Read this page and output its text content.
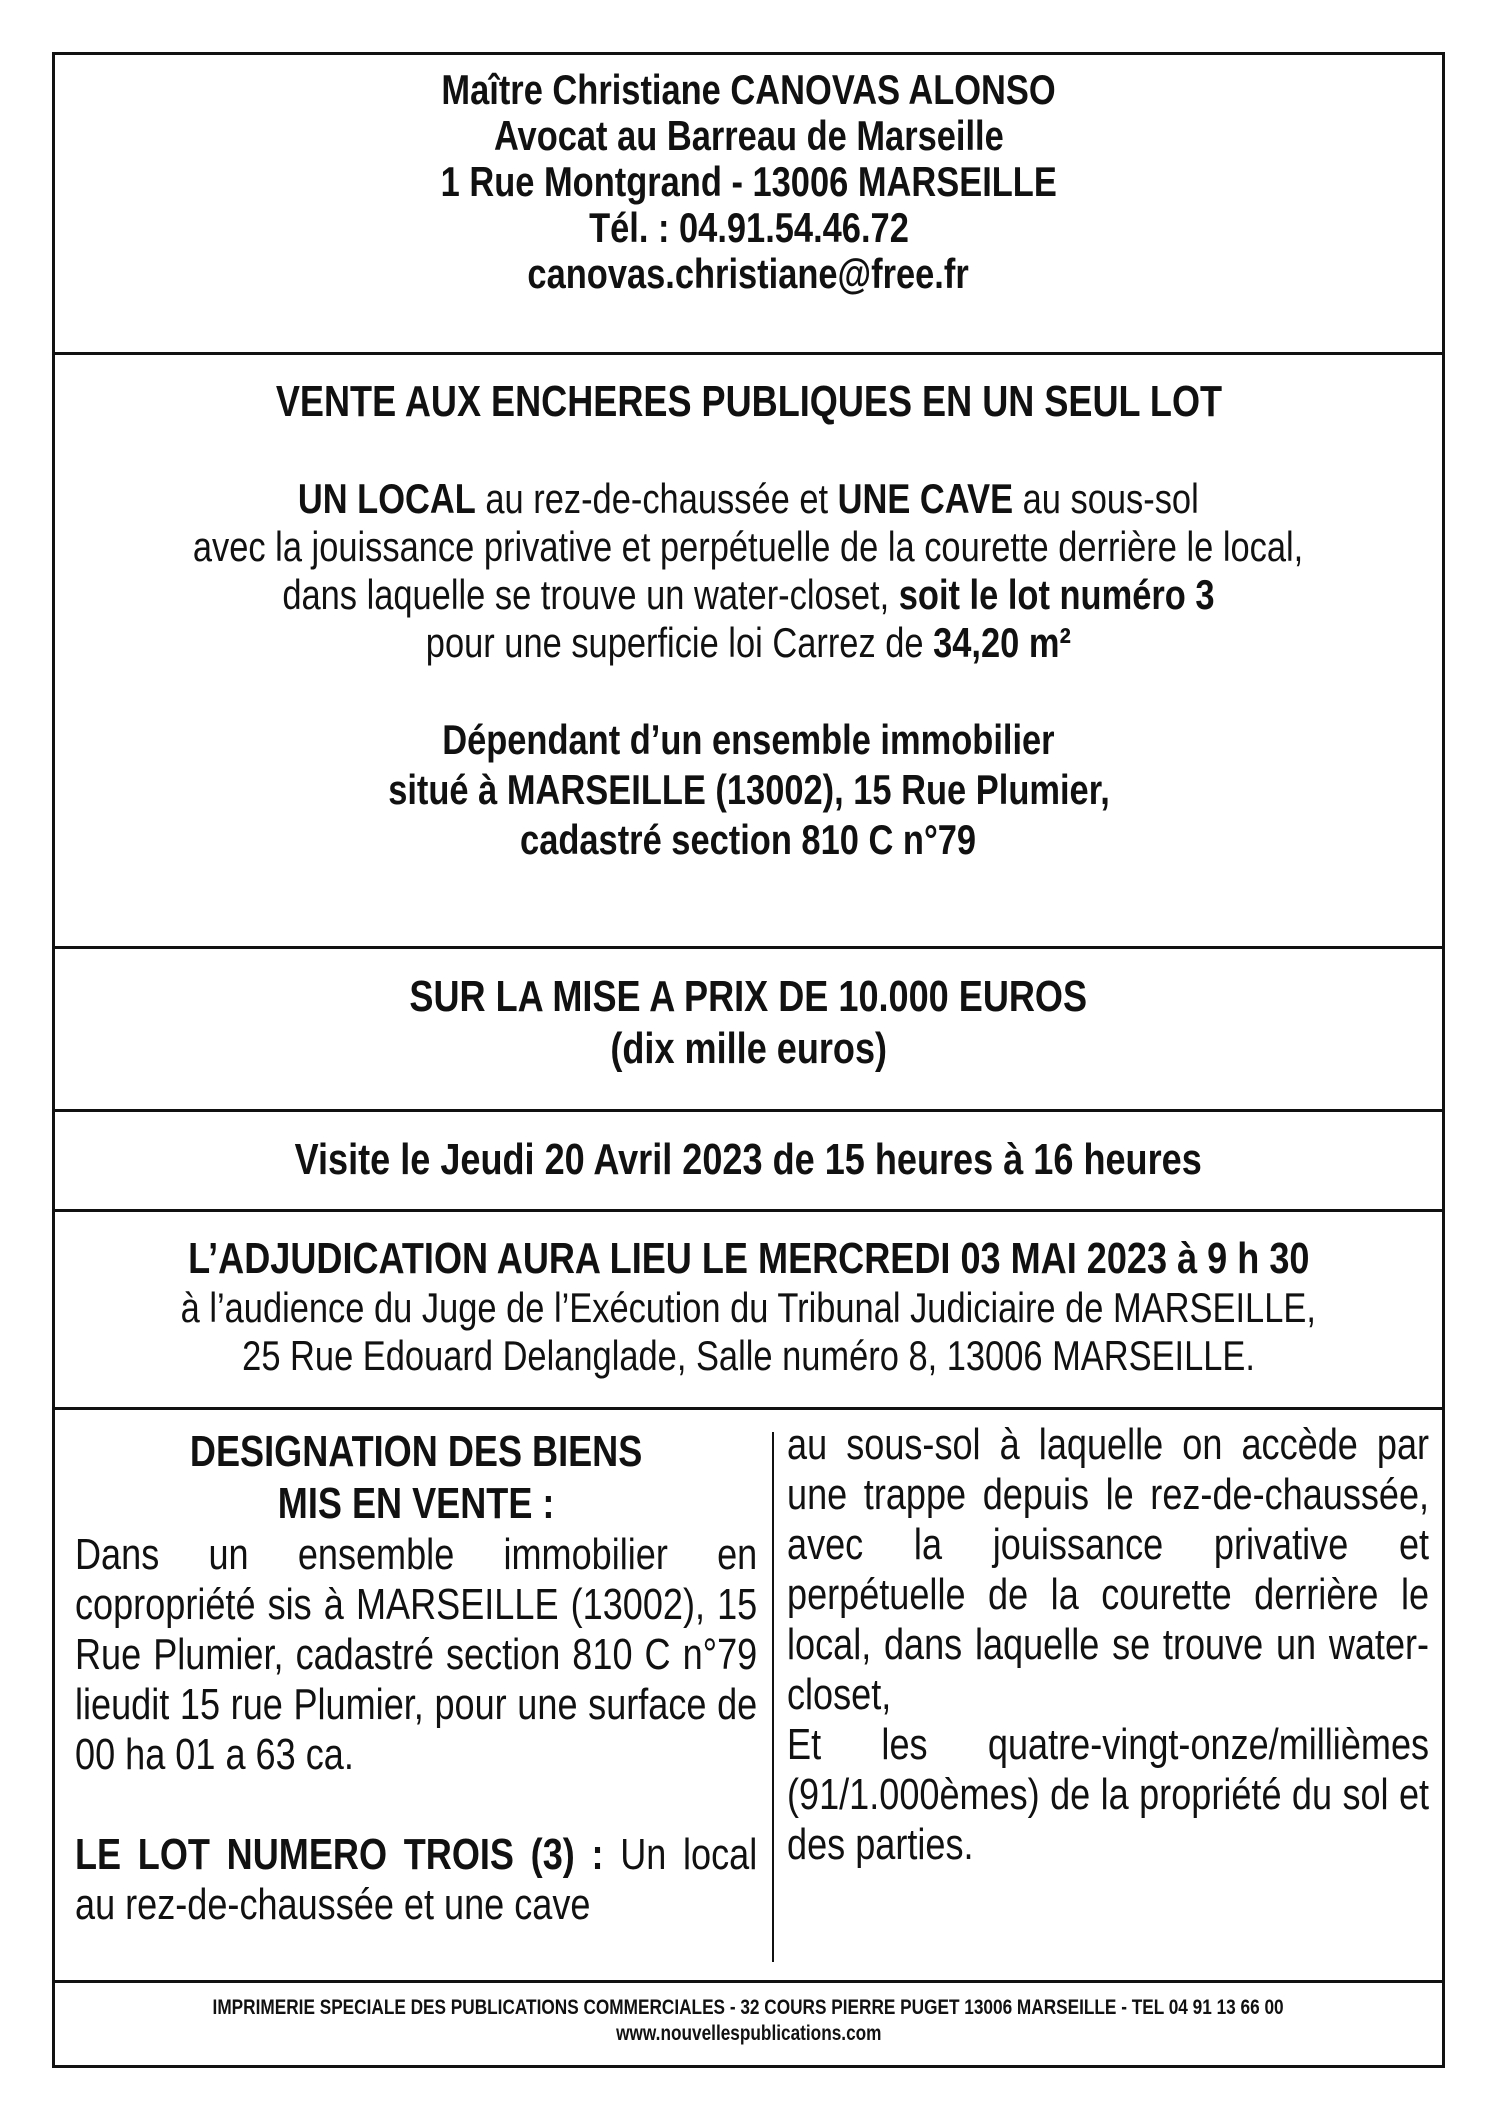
Maître Christiane CANOVAS ALONSO
Avocat au Barreau de Marseille
1 Rue Montgrand - 13006 MARSEILLE
Tél. : 04.91.54.46.72
canovas.christiane@free.fr
VENTE AUX ENCHERES PUBLIQUES EN UN SEUL LOT
UN LOCAL au rez-de-chaussée et UNE CAVE au sous-sol
avec la jouissance privative et perpétuelle de la courette derrière le local,
dans laquelle se trouve un water-closet, soit le lot numéro 3
pour une superficie loi Carrez de 34,20 m²
Dépendant d’un ensemble immobilier
situé à MARSEILLE (13002), 15 Rue Plumier,
cadastré section 810 C n°79
SUR LA MISE A PRIX DE 10.000 EUROS
(dix mille euros)
Visite le Jeudi 20 Avril 2023 de 15 heures à 16 heures
L’ADJUDICATION AURA LIEU LE MERCREDI 03 MAI 2023 à 9 h 30
à l’audience du Juge de l’Exécution du Tribunal Judiciaire de MARSEILLE,
25 Rue Edouard Delanglade, Salle numéro 8, 13006 MARSEILLE.
DESIGNATION DES BIENS
MIS EN VENTE :
Dans un ensemble immobilier en copropriété sis à MARSEILLE (13002), 15 Rue Plumier, cadastré section 810 C n°79 lieudit 15 rue Plumier, pour une surface de 00 ha 01 a 63 ca.
LE LOT NUMERO TROIS (3) : Un local au rez-de-chaussée et une cave
au sous-sol à laquelle on accède par une trappe depuis le rez-de-chaussée, avec la jouissance privative et perpétuelle de la courette derrière le local, dans laquelle se trouve un water-closet,
Et les quatre-vingt-onze/millièmes (91/1.000èmes) de la propriété du sol et des parties.
IMPRIMERIE SPECIALE DES PUBLICATIONS COMMERCIALES - 32 COURS PIERRE PUGET 13006 MARSEILLE - TEL 04 91 13 66 00
www.nouvellespublications.com
